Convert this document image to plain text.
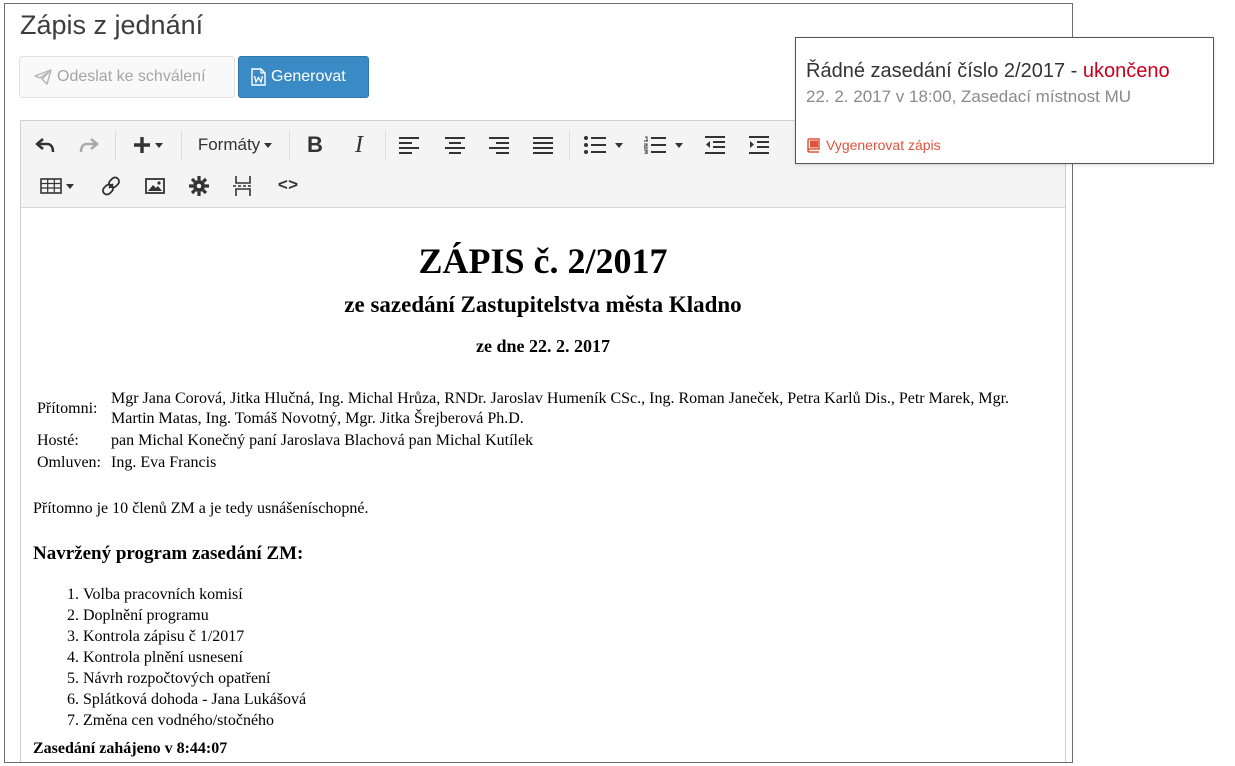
Zápis z jednání
Odeslat ke schválení	Generovat
Formáty B I
<>
ZÁPIS č. 2/2017
ze sazedání Zastupitelstva města Kladno
ze dne 22. 2. 2017
Přítomni:	Mgr Jana Corová, Jitka Hlučná, Ing. Michal Hrůza, RNDr. Jaroslav Humeník CSc., Ing. Roman Janeček, Petra Karlů Dis., Petr Marek, Mgr. Martin Matas, Ing. Tomáš Novotný, Mgr. Jitka Šrejberová Ph.D.
Hosté:	pan Michal Konečný paní Jaroslava Blachová pan Michal Kutílek
Omluven:	Ing. Eva Francis

Přítomno je 10 členů ZM a je tedy usnášeníschopné.

Navržený program zasedání ZM:

1. Volba pracovních komisí
2. Doplnění programu
3. Kontrola zápisu č 1/2017
4. Kontrola plnění usnesení
5. Návrh rozpočtových opatření
6. Splátková dohoda - Jana Lukášová
7. Změna cen vodného/stočného

Zasedání zahájeno v 8:44:07

Řádné zasedání číslo 2/2017 - ukončeno
22. 2. 2017 v 18:00, Zasedací místnost MU
Vygenerovat zápis
